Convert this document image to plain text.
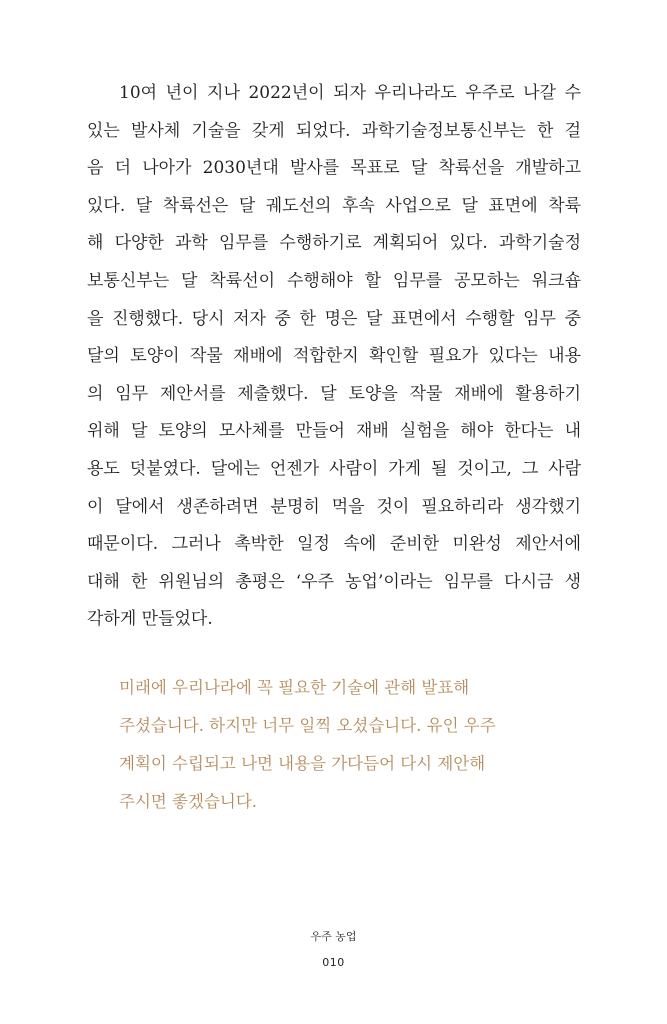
10여 년이 지나 2022년이 되자 우리나라도 우주로 나갈 수
있는 발사체 기술을 갖게 되었다. 과학기술정보통신부는 한 걸
음 더 나아가 2030년대 발사를 목표로 달 착륙선을 개발하고
있다. 달 착륙선은 달 궤도선의 후속 사업으로 달 표면에 착륙
해 다양한 과학 임무를 수행하기로 계획되어 있다. 과학기술정
보통신부는 달 착륙선이 수행해야 할 임무를 공모하는 워크숍
을 진행했다. 당시 저자 중 한 명은 달 표면에서 수행할 임무 중
달의 토양이 작물 재배에 적합한지 확인할 필요가 있다는 내용
의 임무 제안서를 제출했다. 달 토양을 작물 재배에 활용하기
위해 달 토양의 모사체를 만들어 재배 실험을 해야 한다는 내
용도 덧붙였다. 달에는 언젠가 사람이 가게 될 것이고, 그 사람
이 달에서 생존하려면 분명히 먹을 것이 필요하리라 생각했기
때문이다. 그러나 촉박한 일정 속에 준비한 미완성 제안서에
대해 한 위원님의 총평은 ‘우주 농업’이라는 임무를 다시금 생
각하게 만들었다.
미래에 우리나라에 꼭 필요한 기술에 관해 발표해
주셨습니다. 하지만 너무 일찍 오셨습니다. 유인 우주
계획이 수립되고 나면 내용을 가다듬어 다시 제안해
주시면 좋겠습니다.
우주 농업
010
